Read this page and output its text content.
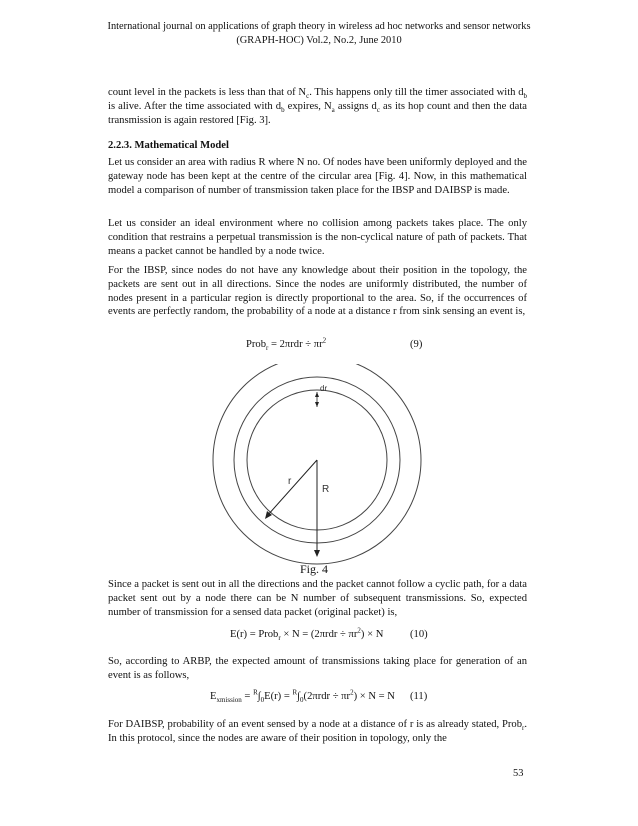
International journal on applications of graph theory in wireless ad hoc networks and sensor networks
(GRAPH-HOC) Vol.2, No.2, June 2010
count level in the packets is less than that of $N_c$. This happens only till the timer associated with $d_b$ is alive. After the time associated with $d_b$ expires, $N_a$ assigns $d_c$ as its hop count and then the data transmission is again restored [Fig. 3].
2.2.3. Mathematical Model
Let us consider an area with radius R where N no. Of nodes have been uniformly deployed and the gateway node has been kept at the centre of the circular area [Fig. 4]. Now, in this mathematical model a comparison of number of transmission taken place for the IBSP and DAIBSP is made.
Let us consider an ideal environment where no collision among packets takes place. The only condition that restrains a perpetual transmission is the non-cyclical nature of path of packets. That means a packet cannot be handled by a node twice.
For the IBSP, since nodes do not have any knowledge about their position in the topology, the packets are sent out in all directions. Since the nodes are uniformly distributed, the number of nodes present in a particular region is directly proportional to the area. So, if the occurrences of events are perfectly random, the probability of a node at a distance r from sink sensing an event is,
Prob$_r$ = $2\pi rdr \div \pi r^2$	(9)
dr
r
R
Fig. 4
Since a packet is sent out in all the directions and the packet cannot follow a cyclic path, for a data packet sent out by a node there can be N number of subsequent transmissions. So, expected number of transmission for a sensed data packet (original packet) is,
E(r) = Prob$_r$ × $N = (2\pi rdr \div \pi r^2) \times N$	(10)
So, according to ARBP, the expected amount of transmissions taking place for generation of an event is as follows,
$E_{xmission} = ^R\int_0E(r) = ^R\int_0(2\pi rdr \div \pi r^2) \times N = N$ (11)
For DAIBSP, probability of an event sensed by a node at a distance of r is as already stated, Prob$_r$. In this protocol, since the nodes are aware of their position in topology, only the
53
